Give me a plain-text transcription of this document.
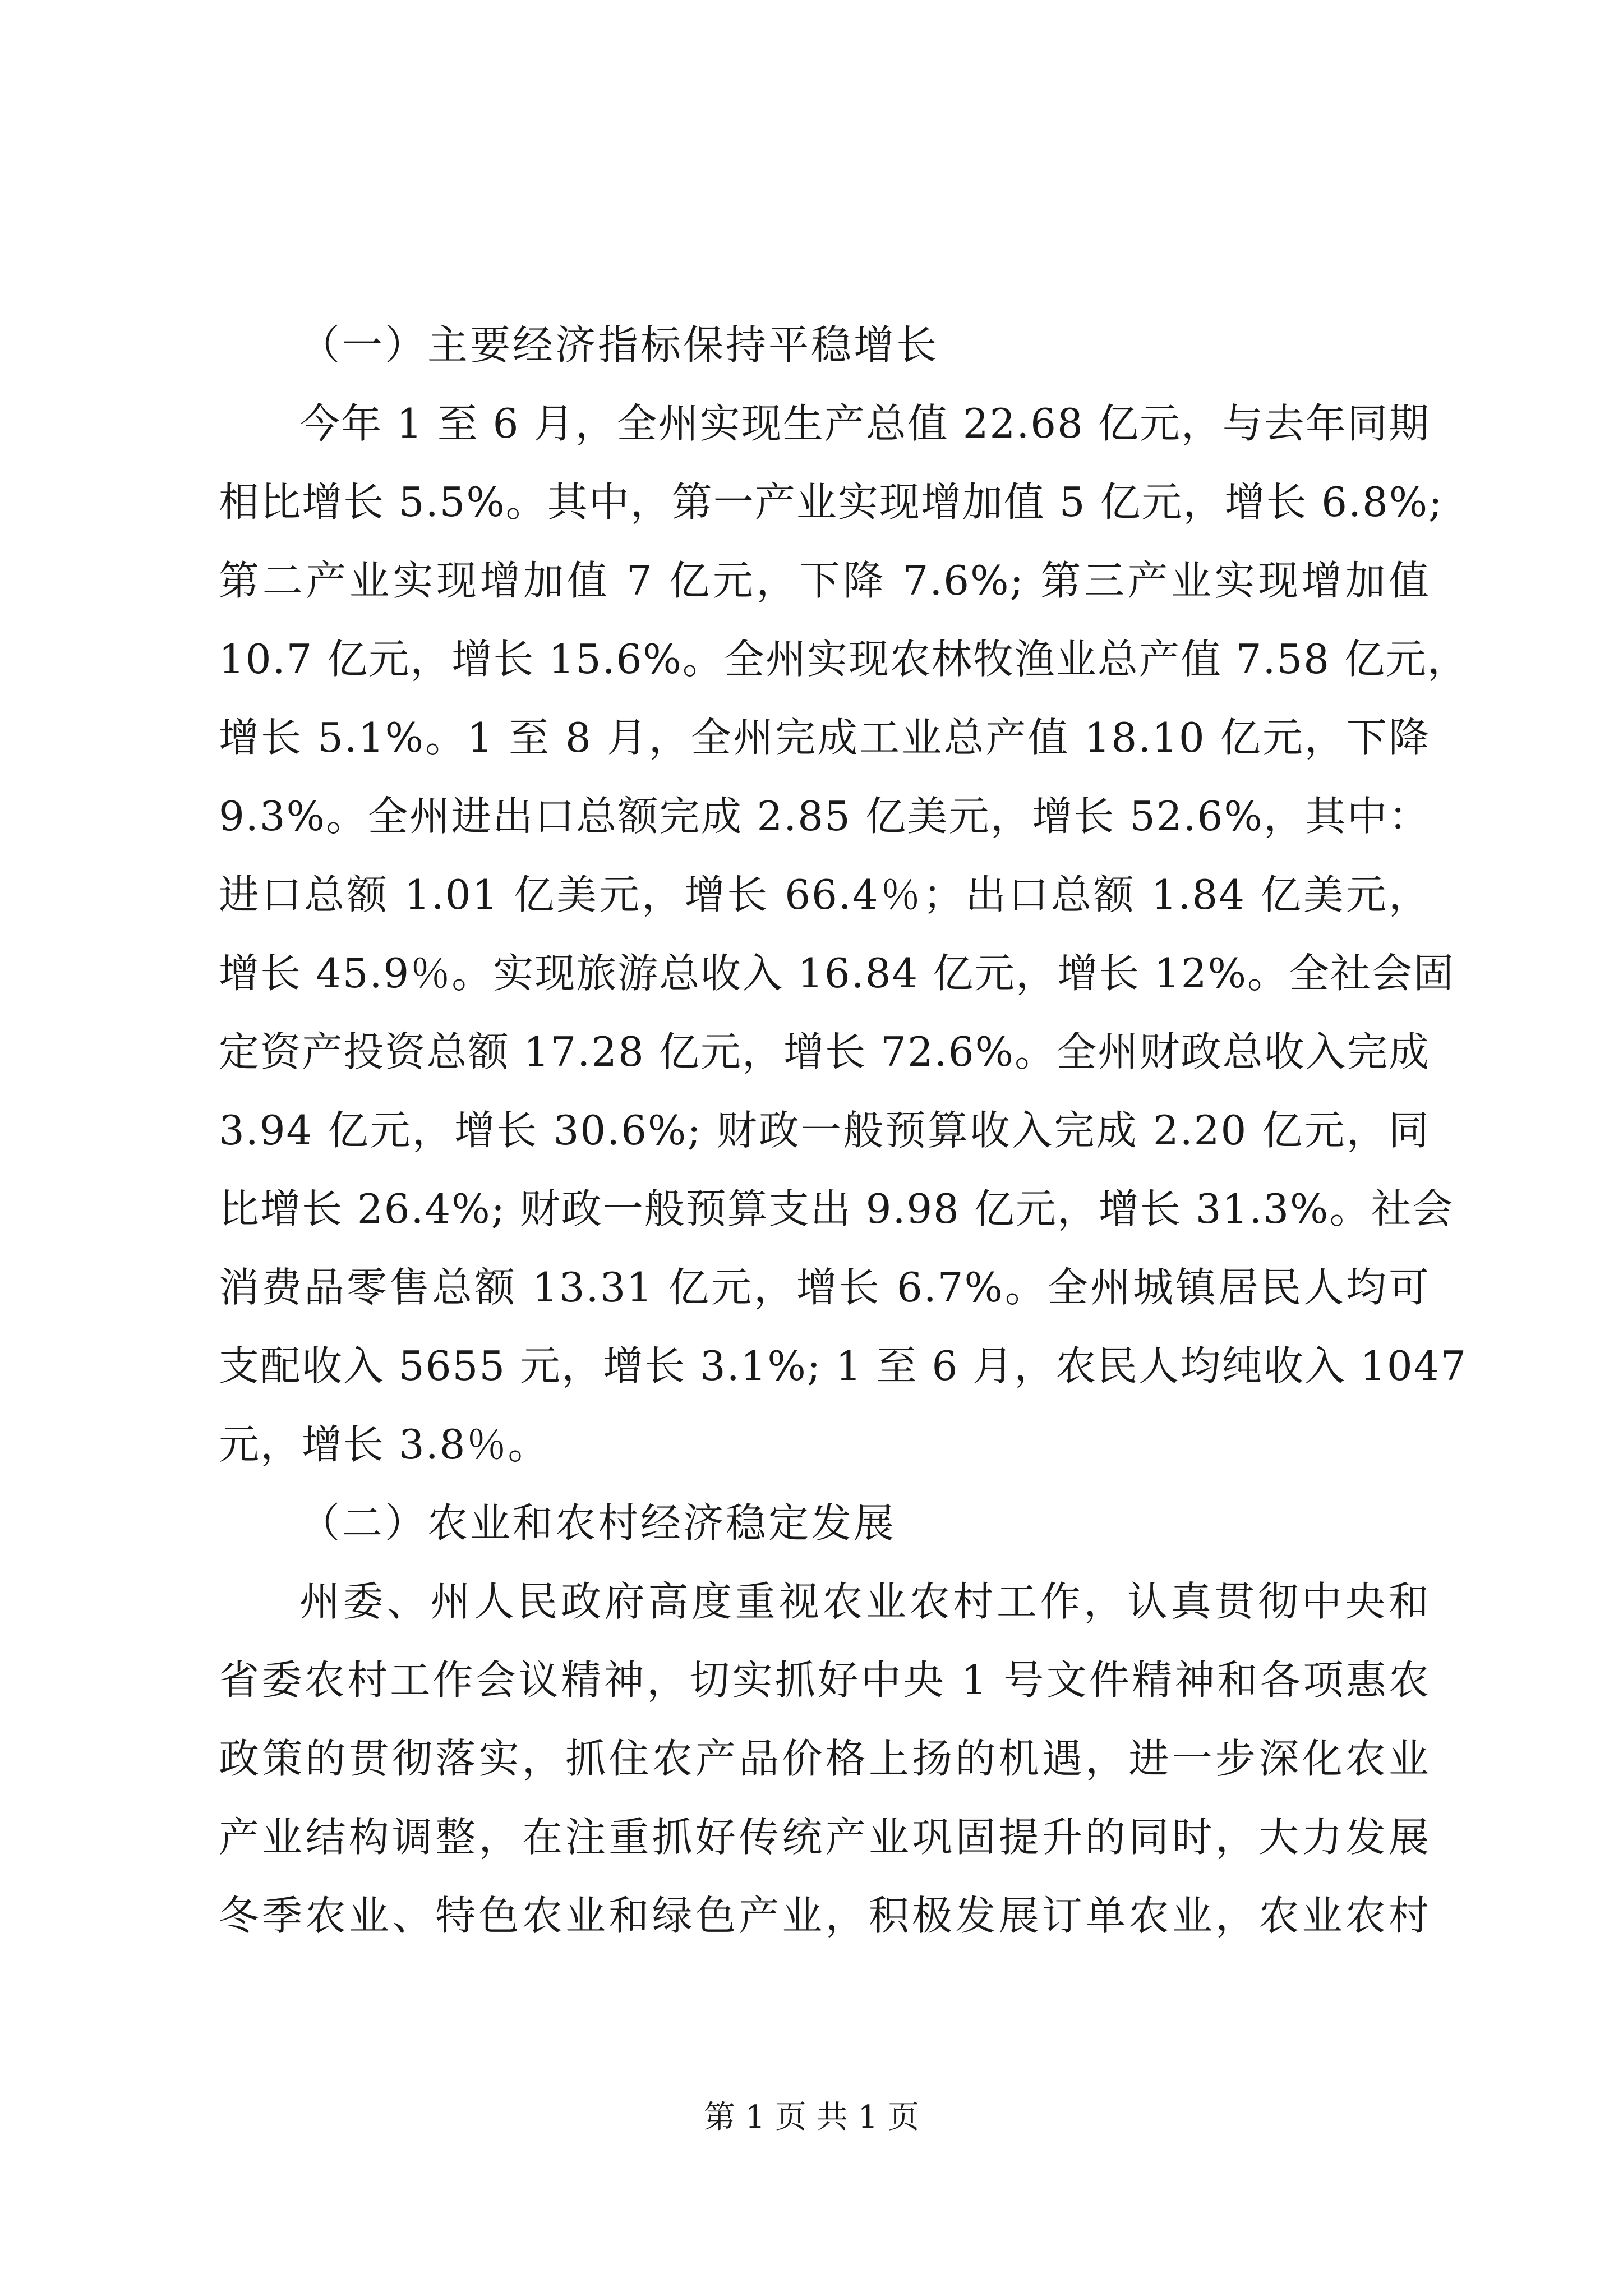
（一）主要经济指标保持平稳增长
今年 1 至 6 月，全州实现生产总值 22.68 亿元，与去年同期
相比增长 5.5%。其中，第一产业实现增加值 5 亿元，增长 6.8%;
第二产业实现增加值 7 亿元，下降 7.6%; 第三产业实现增加值
10.7 亿元，增长 15.6%。全州实现农林牧渔业总产值 7.58 亿元，
增长 5.1%。1 至 8 月，全州完成工业总产值 18.10 亿元，下降
9.3%。全州进出口总额完成 2.85 亿美元，增长 52.6%，其中：
进口总额 1.01 亿美元，增长 66.4％；出口总额 1.84 亿美元，
增长 45.9％。实现旅游总收入 16.84 亿元，增长 12%。全社会固
定资产投资总额 17.28 亿元，增长 72.6%。全州财政总收入完成
3.94 亿元，增长 30.6%; 财政一般预算收入完成 2.20 亿元，同
比增长 26.4%; 财政一般预算支出 9.98 亿元，增长 31.3%。社会
消费品零售总额 13.31 亿元，增长 6.7%。全州城镇居民人均可
支配收入 5655 元，增长 3.1%; 1 至 6 月，农民人均纯收入 1047
元，增长 3.8％。
（二）农业和农村经济稳定发展
州委、州人民政府高度重视农业农村工作，认真贯彻中央和
省委农村工作会议精神，切实抓好中央 1 号文件精神和各项惠农
政策的贯彻落实，抓住农产品价格上扬的机遇，进一步深化农业
产业结构调整，在注重抓好传统产业巩固提升的同时，大力发展
冬季农业、特色农业和绿色产业，积极发展订单农业，农业农村
第 1 页 共 1 页
